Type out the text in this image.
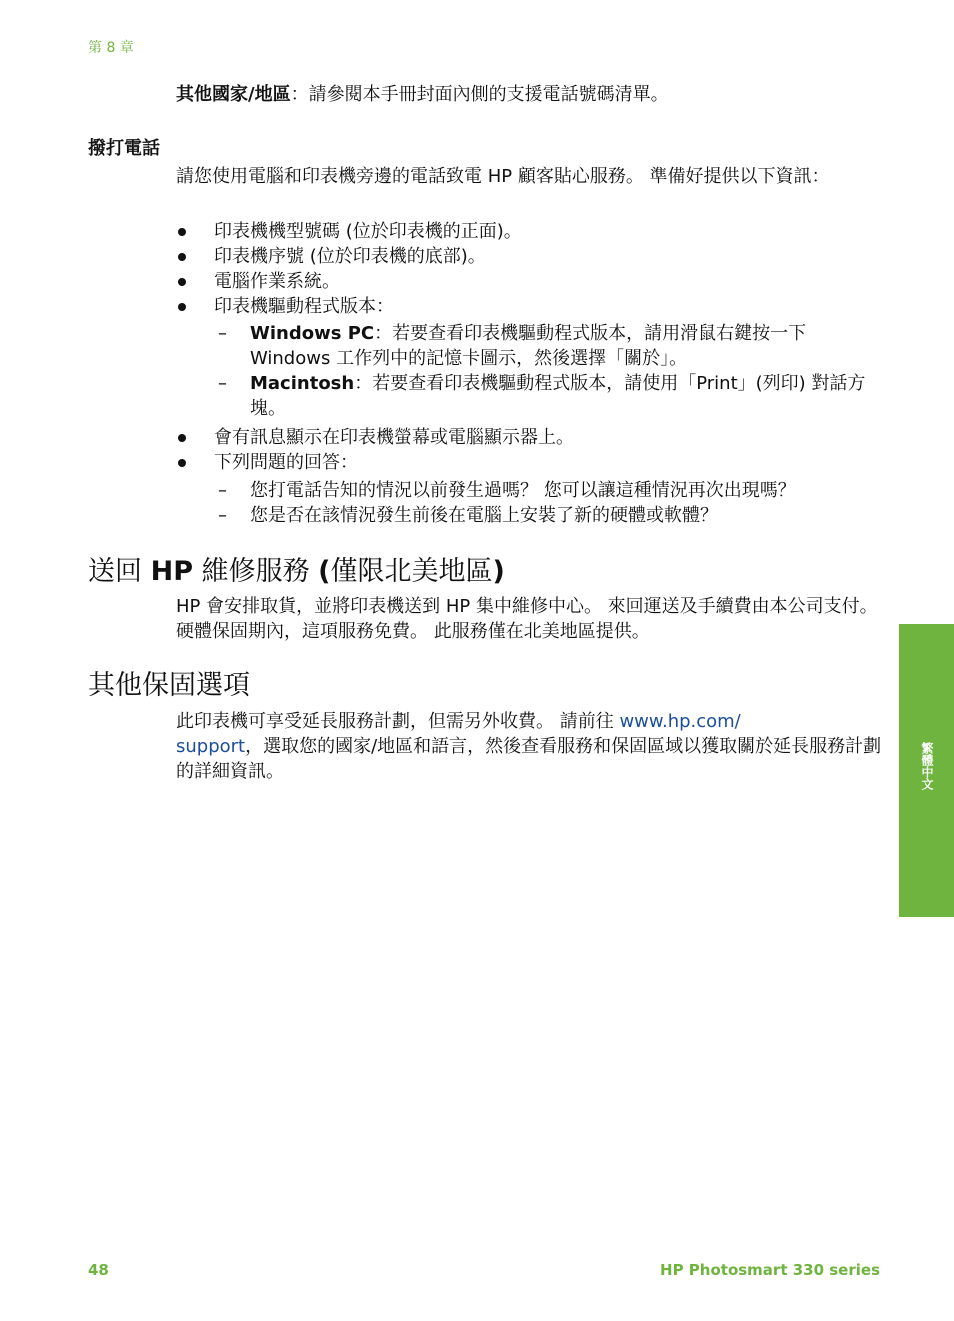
第 8 章
其他國家/地區：請參閱本手冊封面內側的支援電話號碼清單。
撥打電話
請您使用電腦和印表機旁邊的電話致電 HP 顧客貼心服務。 準備好提供以下資訊：
印表機機型號碼 (位於印表機的正面)。
印表機序號 (位於印表機的底部)。
電腦作業系統。
印表機驅動程式版本：
– Windows PC：若要查看印表機驅動程式版本，請用滑鼠右鍵按一下 Windows 工作列中的記憶卡圖示，然後選擇「關於」。
– Macintosh：若要查看印表機驅動程式版本，請使用「Print」(列印) 對話方塊。
會有訊息顯示在印表機螢幕或電腦顯示器上。
下列問題的回答：
– 您打電話告知的情況以前發生過嗎？ 您可以讓這種情況再次出現嗎？
– 您是否在該情況發生前後在電腦上安裝了新的硬體或軟體？
送回 HP 維修服務 (僅限北美地區)
HP 會安排取貨，並將印表機送到 HP 集中維修中心。 來回運送及手續費由本公司支付。 硬體保固期內，這項服務免費。 此服務僅在北美地區提供。
其他保固選項
此印表機可享受延長服務計劃，但需另外收費。 請前往 www.hp.com/
support，選取您的國家/地區和語言，然後查看服務和保固區域以獲取關於延長服務計劃的詳細資訊。	繁體中文
48	HP Photosmart 330 series
